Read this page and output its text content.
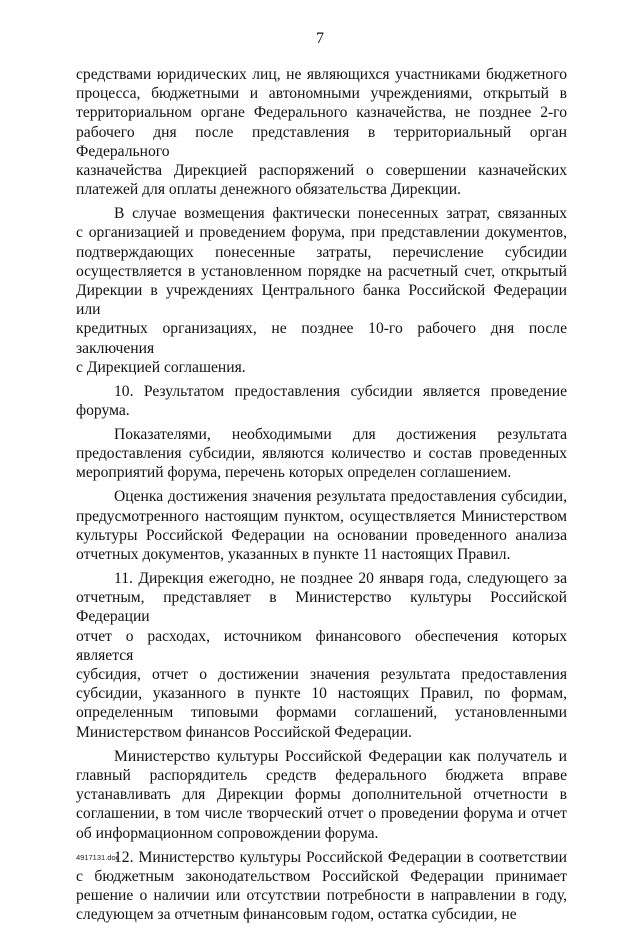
7
средствами юридических лиц, не являющихся участниками бюджетного
процесса, бюджетными и автономными учреждениями, открытый в
территориальном органе Федерального казначейства, не позднее 2-го
рабочего дня после представления в территориальный орган Федерального
казначейства Дирекцией распоряжений о совершении казначейских
платежей для оплаты денежного обязательства Дирекции.
В случае возмещения фактически понесенных затрат, связанных
с организацией и проведением форума, при представлении документов,
подтверждающих понесенные затраты, перечисление субсидии
осуществляется в установленном порядке на расчетный счет, открытый
Дирекции в учреждениях Центрального банка Российской Федерации или
кредитных организациях, не позднее 10-го рабочего дня после заключения
с Дирекцией соглашения.
10. Результатом предоставления субсидии является проведение
форума.
Показателями, необходимыми для достижения результата
предоставления субсидии, являются количество и состав проведенных
мероприятий форума, перечень которых определен соглашением.
Оценка достижения значения результата предоставления субсидии,
предусмотренного настоящим пунктом, осуществляется Министерством
культуры Российской Федерации на основании проведенного анализа
отчетных документов, указанных в пункте 11 настоящих Правил.
11. Дирекция ежегодно, не позднее 20 января года, следующего за
отчетным, представляет в Министерство культуры Российской Федерации
отчет о расходах, источником финансового обеспечения которых является
субсидия, отчет о достижении значения результата предоставления
субсидии, указанного в пункте 10 настоящих Правил, по формам,
определенным типовыми формами соглашений, установленными
Министерством финансов Российской Федерации.
Министерство культуры Российской Федерации как получатель и
главный распорядитель средств федерального бюджета вправе
устанавливать для Дирекции формы дополнительной отчетности в
соглашении, в том числе творческий отчет о проведении форума и отчет
об информационном сопровождении форума.
12. Министерство культуры Российской Федерации в соответствии
с бюджетным законодательством Российской Федерации принимает
решение о наличии или отсутствии потребности в направлении в году,
следующем за отчетным финансовым годом, остатка субсидии, не
4917131.doc
